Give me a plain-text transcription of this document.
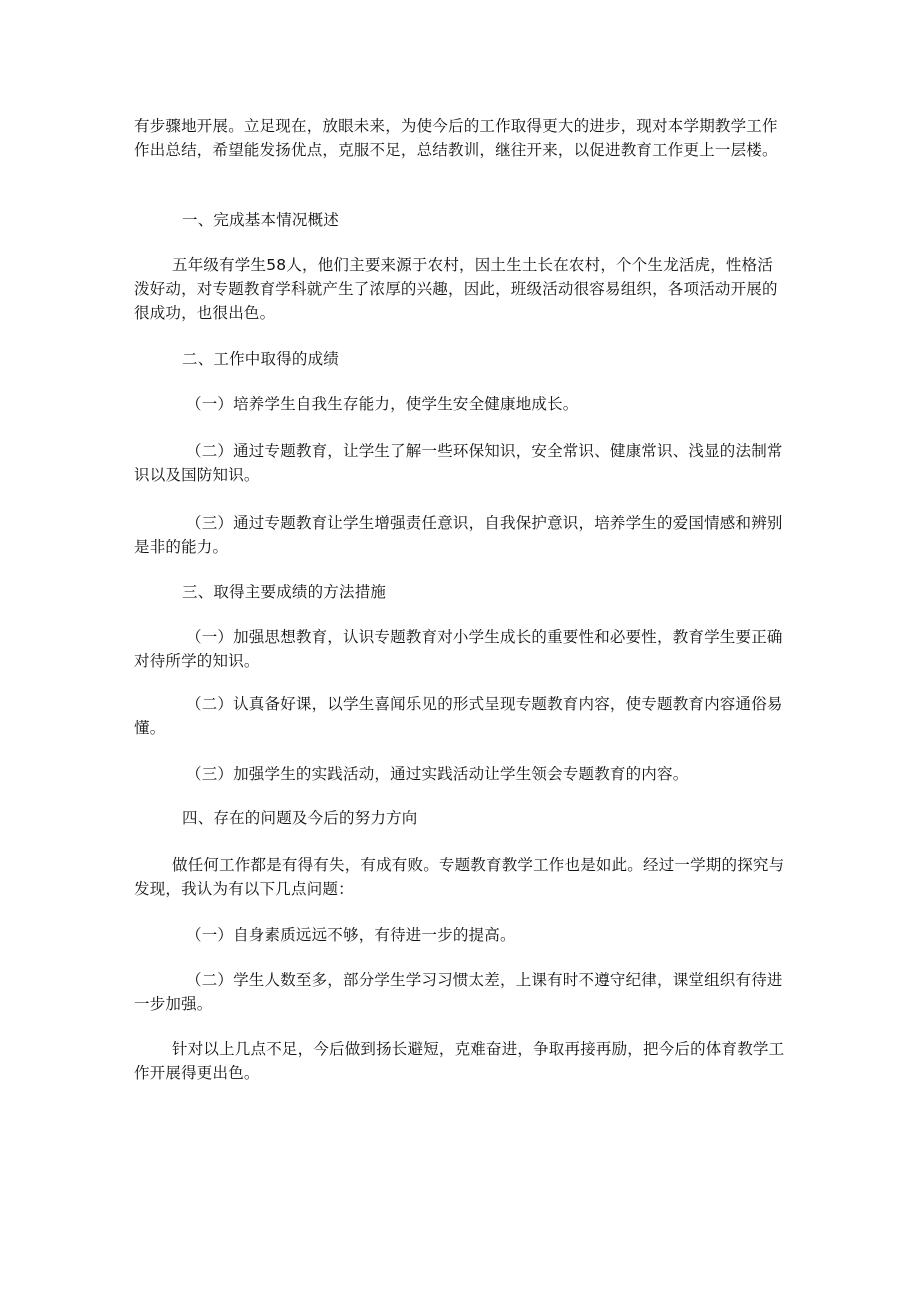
有步骤地开展。立足现在，放眼未来，为使今后的工作取得更大的进步，现对本学期教学工作作出总结，希望能发扬优点，克服不足，总结教训，继往开来，以促进教育工作更上一层楼。

一、完成基本情况概述

五年级有学生58人，他们主要来源于农村，因土生土长在农村，个个生龙活虎，性格活泼好动，对专题教育学科就产生了浓厚的兴趣，因此，班级活动很容易组织，各项活动开展的很成功，也很出色。

二、工作中取得的成绩

（一）培养学生自我生存能力，使学生安全健康地成长。

（二）通过专题教育，让学生了解一些环保知识，安全常识、健康常识、浅显的法制常识以及国防知识。

（三）通过专题教育让学生增强责任意识，自我保护意识，培养学生的爱国情感和辨别是非的能力。

三、取得主要成绩的方法措施

（一）加强思想教育，认识专题教育对小学生成长的重要性和必要性，教育学生要正确对待所学的知识。

（二）认真备好课，以学生喜闻乐见的形式呈现专题教育内容，使专题教育内容通俗易懂。

（三）加强学生的实践活动，通过实践活动让学生领会专题教育的内容。

四、存在的问题及今后的努力方向

做任何工作都是有得有失，有成有败。专题教育教学工作也是如此。经过一学期的探究与发现，我认为有以下几点问题：

（一）自身素质远远不够，有待进一步的提高。

（二）学生人数至多，部分学生学习习惯太差，上课有时不遵守纪律，课堂组织有待进一步加强。

针对以上几点不足，今后做到扬长避短，克难奋进，争取再接再励，把今后的体育教学工作开展得更出色。
